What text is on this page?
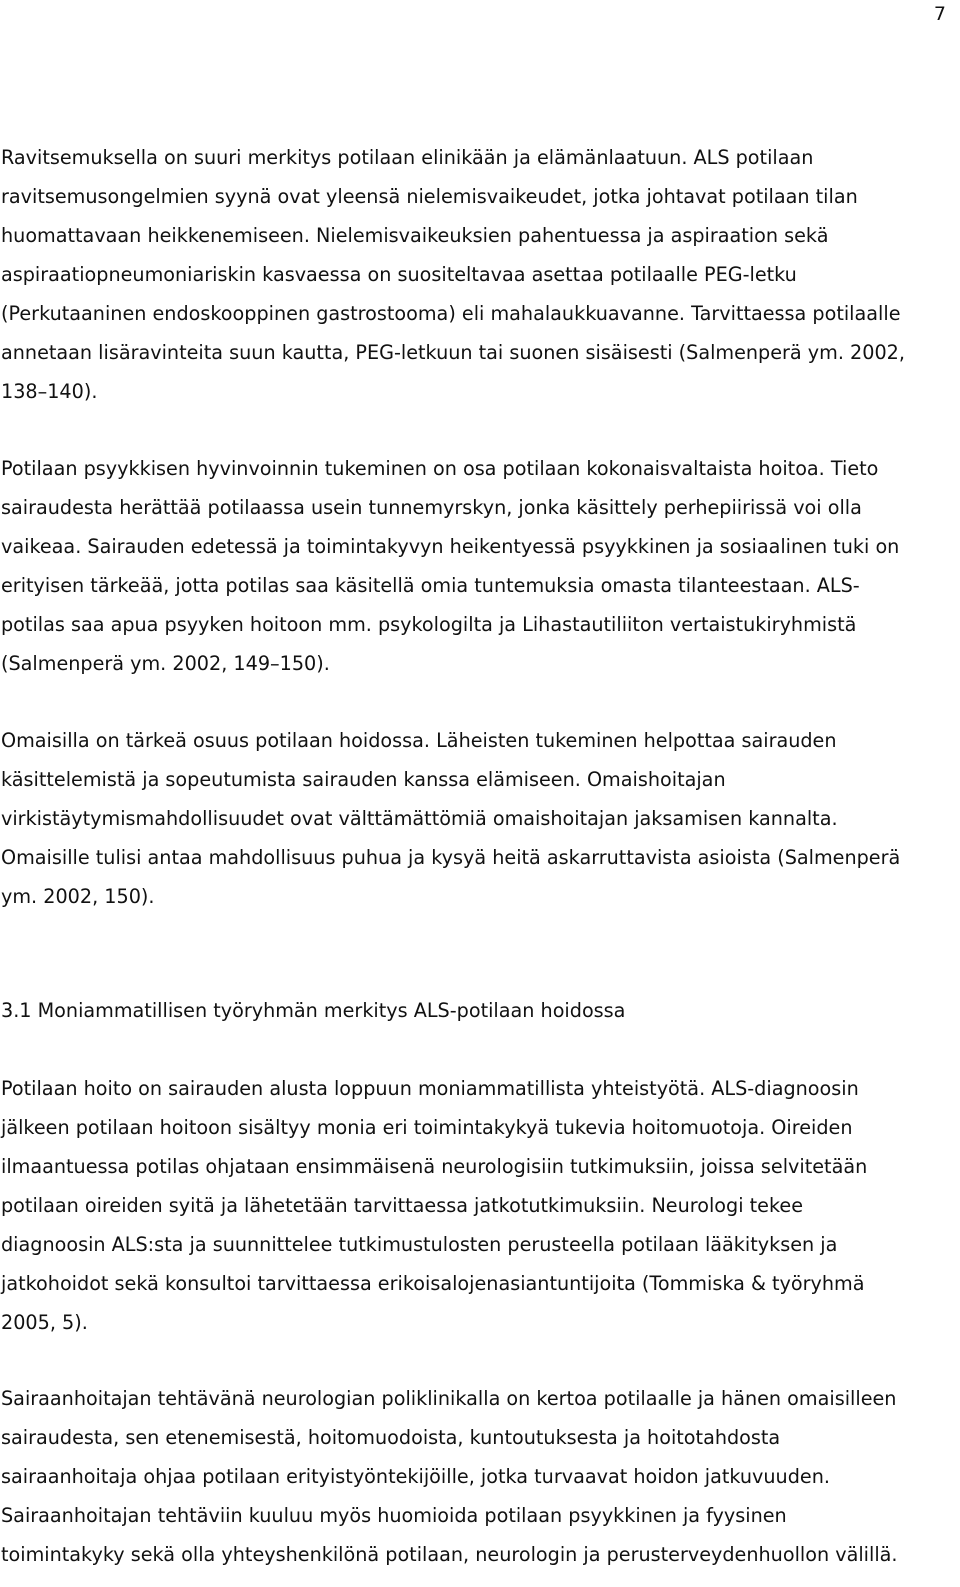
7
Ravitsemuksella on suuri merkitys potilaan elinikään ja elämänlaatuun. ALS potilaan
ravitsemusongelmien syynä ovat yleensä nielemisvaikeudet, jotka johtavat potilaan tilan
huomattavaan heikkenemiseen. Nielemisvaikeuksien pahentuessa ja aspiraation sekä
aspiraatiopneumoniariskin kasvaessa on suositeltavaa asettaa potilaalle PEG-letku
(Perkutaaninen endoskooppinen gastrostooma) eli mahalaukkuavanne. Tarvittaessa potilaalle
annetaan lisäravinteita suun kautta, PEG-letkuun tai suonen sisäisesti (Salmenperä ym. 2002,
138–140).
Potilaan psyykkisen hyvinvoinnin tukeminen on osa potilaan kokonaisvaltaista hoitoa. Tieto
sairaudesta herättää potilaassa usein tunnemyrskyn, jonka käsittely perhepiirissä voi olla
vaikeaa. Sairauden edetessä ja toimintakyvyn heikentyessä psyykkinen ja sosiaalinen tuki on
erityisen tärkeää, jotta potilas saa käsitellä omia tuntemuksia omasta tilanteestaan. ALS-
potilas saa apua psyyken hoitoon mm. psykologilta ja Lihastautiliiton vertaistukiryhmistä
(Salmenperä ym. 2002, 149–150).
Omaisilla on tärkeä osuus potilaan hoidossa. Läheisten tukeminen helpottaa sairauden
käsittelemistä ja sopeutumista sairauden kanssa elämiseen. Omaishoitajan
virkistäytymismahdollisuudet ovat välttämättömiä omaishoitajan jaksamisen kannalta.
Omaisille tulisi antaa mahdollisuus puhua ja kysyä heitä askarruttavista asioista (Salmenperä
ym. 2002, 150).
3.1 Moniammatillisen työryhmän merkitys ALS-potilaan hoidossa
Potilaan hoito on sairauden alusta loppuun moniammatillista yhteistyötä. ALS-diagnoosin
jälkeen potilaan hoitoon sisältyy monia eri toimintakykyä tukevia hoitomuotoja. Oireiden
ilmaantuessa potilas ohjataan ensimmäisenä neurologisiin tutkimuksiin, joissa selvitetään
potilaan oireiden syitä ja lähetetään tarvittaessa jatkotutkimuksiin. Neurologi tekee
diagnoosin ALS:sta ja suunnittelee tutkimustulosten perusteella potilaan lääkityksen ja
jatkohoidot sekä konsultoi tarvittaessa erikoisalojenasiantuntijoita (Tommiska & työryhmä
2005, 5).
Sairaanhoitajan tehtävänä neurologian poliklinikalla on kertoa potilaalle ja hänen omaisilleen
sairaudesta, sen etenemisestä, hoitomuodoista, kuntoutuksesta ja hoitotahdosta
sairaanhoitaja ohjaa potilaan erityistyöntekijöille, jotka turvaavat hoidon jatkuvuuden.
Sairaanhoitajan tehtäviin kuuluu myös huomioida potilaan psyykkinen ja fyysinen
toimintakyky sekä olla yhteyshenkilönä potilaan, neurologin ja perusterveydenhuollon välillä.
